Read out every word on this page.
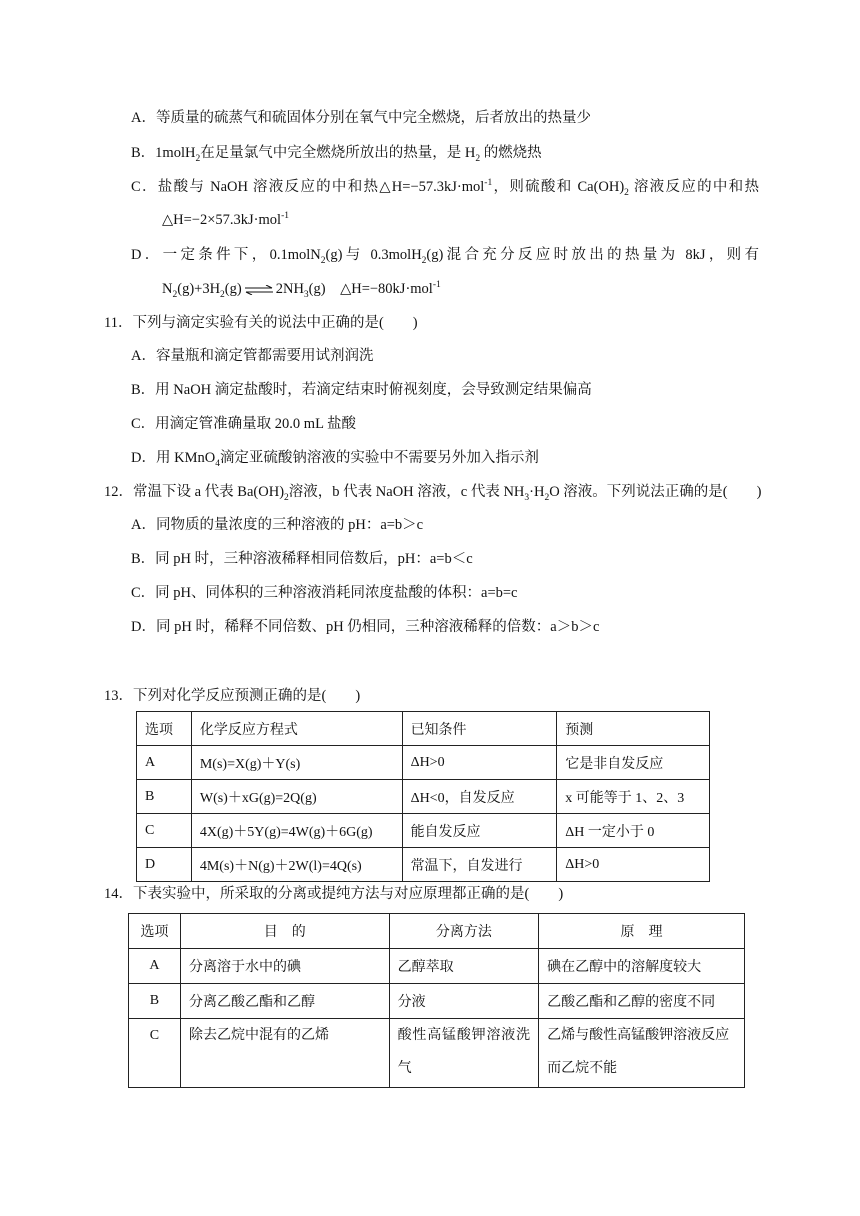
A．等质量的硫蒸气和硫固体分别在氧气中完全燃烧，后者放出的热量少
B．1molH$_2$在足量氯气中完全燃烧所放出的热量，是 $H_2$ 的燃烧热
C．盐酸与 NaOH 溶液反应的中和热△H=−57.3kJ·mol$^{-1}$，则硫酸和 $Ca(OH)_2$ 溶液反应的中和热
△H=−2×57.3kJ·mol$^{-1}$
D．一定条件下，0.1molN$_2$(g)与 0.3molH$_2$(g)混合充分反应时放出的热量为 8kJ，则有
$N_2(g)+3H_2(g)$ ⇌ $2NH_3(g)$　△H=−80kJ·mol$^{-1}$
11．下列与滴定实验有关的说法中正确的是(　　)
A．容量瓶和滴定管都需要用试剂润洗
B．用 NaOH 滴定盐酸时，若滴定结束时俯视刻度，会导致测定结果偏高
C．用滴定管准确量取 20.0 mL 盐酸
D．用 KMnO$_4$滴定亚硫酸钠溶液的实验中不需要另外加入指示剂
12．常温下设 a 代表 $Ba(OH)_2$溶液，b 代表 NaOH 溶液，c 代表 $NH_3\cdot H_2O$ 溶液。下列说法正确的是(　　)
A．同物质的量浓度的三种溶液的 pH：a=b＞c
B．同 pH 时，三种溶液稀释相同倍数后，pH：a=b＜c
C．同 pH、同体积的三种溶液消耗同浓度盐酸的体积：a=b=c
D．同 pH 时，稀释不同倍数、pH 仍相同，三种溶液稀释的倍数：a＞b＞c
13．下列对化学反应预测正确的是(　　)
选项	化学反应方程式	已知条件	预测
A	M(s)=X(g)＋Y(s)	ΔH>0	它是非自发反应
B	W(s)＋xG(g)=2Q(g)	ΔH<0，自发反应	x 可能等于 1、2、3
C	4X(g)＋5Y(g)=4W(g)＋6G(g)	能自发反应	ΔH 一定小于 0
D	4M(s)＋N(g)＋2W(l)=4Q(s)	常温下，自发进行	ΔH>0
14．下表实验中，所采取的分离或提纯方法与对应原理都正确的是(　　)
选项	目　的	分离方法	原　理
A	分离溶于水中的碘	乙醇萃取	碘在乙醇中的溶解度较大
B	分离乙酸乙酯和乙醇	分液	乙酸乙酯和乙醇的密度不同
C	除去乙烷中混有的乙烯	酸性高锰酸钾溶液洗气	乙烯与酸性高锰酸钾溶液反应而乙烷不能
